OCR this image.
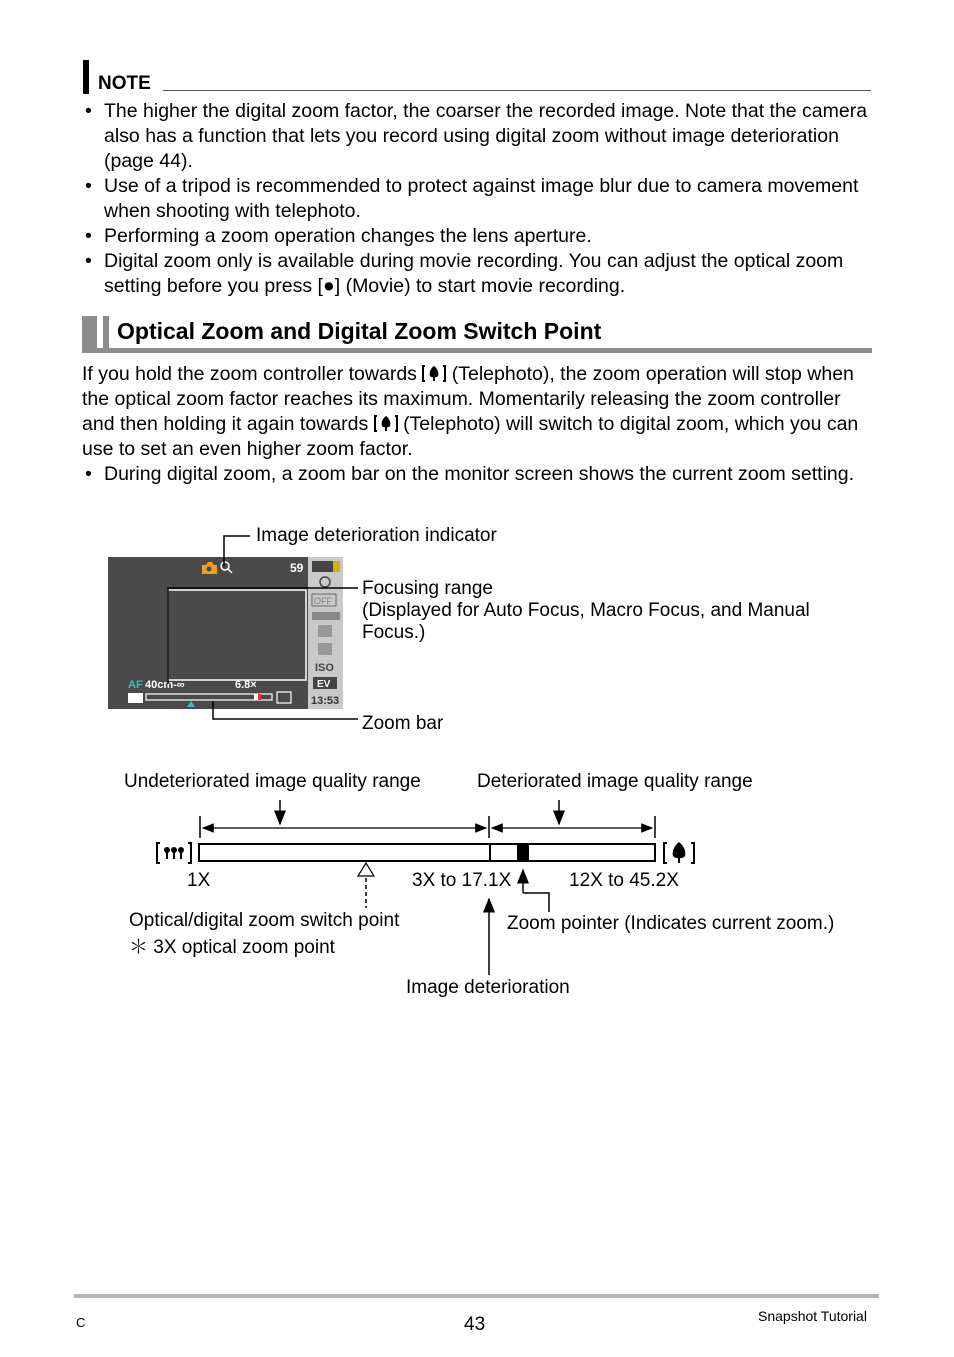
NOTE
• The higher the digital zoom factor, the coarser the recorded image. Note that the camera also has a function that lets you record using digital zoom without image deterioration (page 44).
• Use of a tripod is recommended to protect against image blur due to camera movement when shooting with telephoto.
• Performing a zoom operation changes the lens aperture.
• Digital zoom only is available during movie recording. You can adjust the optical zoom setting before you press [●] (Movie) to start movie recording.
Optical Zoom and Digital Zoom Switch Point
If you hold the zoom controller towards (Telephoto), the zoom operation will stop when the optical zoom factor reaches its maximum. Momentarily releasing the zoom controller and then holding it again towards (Telephoto) will switch to digital zoom, which you can use to set an even higher zoom factor.
• During digital zoom, a zoom bar on the monitor screen shows the current zoom setting.
59
OFF
ISO
EV
13:53
AF 40cm-∞	6.8×
Image deterioration indicator
Focusing range
(Displayed for Auto Focus, Macro Focus, and Manual
Focus.)
Zoom bar
Undeteriorated image quality range	Deteriorated image quality range
1X	3X to 17.1X	12X to 45.2X
Optical/digital zoom switch point
＊ 3X optical zoom point
Zoom pointer (Indicates current zoom.)
Image deterioration
C	43	Snapshot Tutorial
